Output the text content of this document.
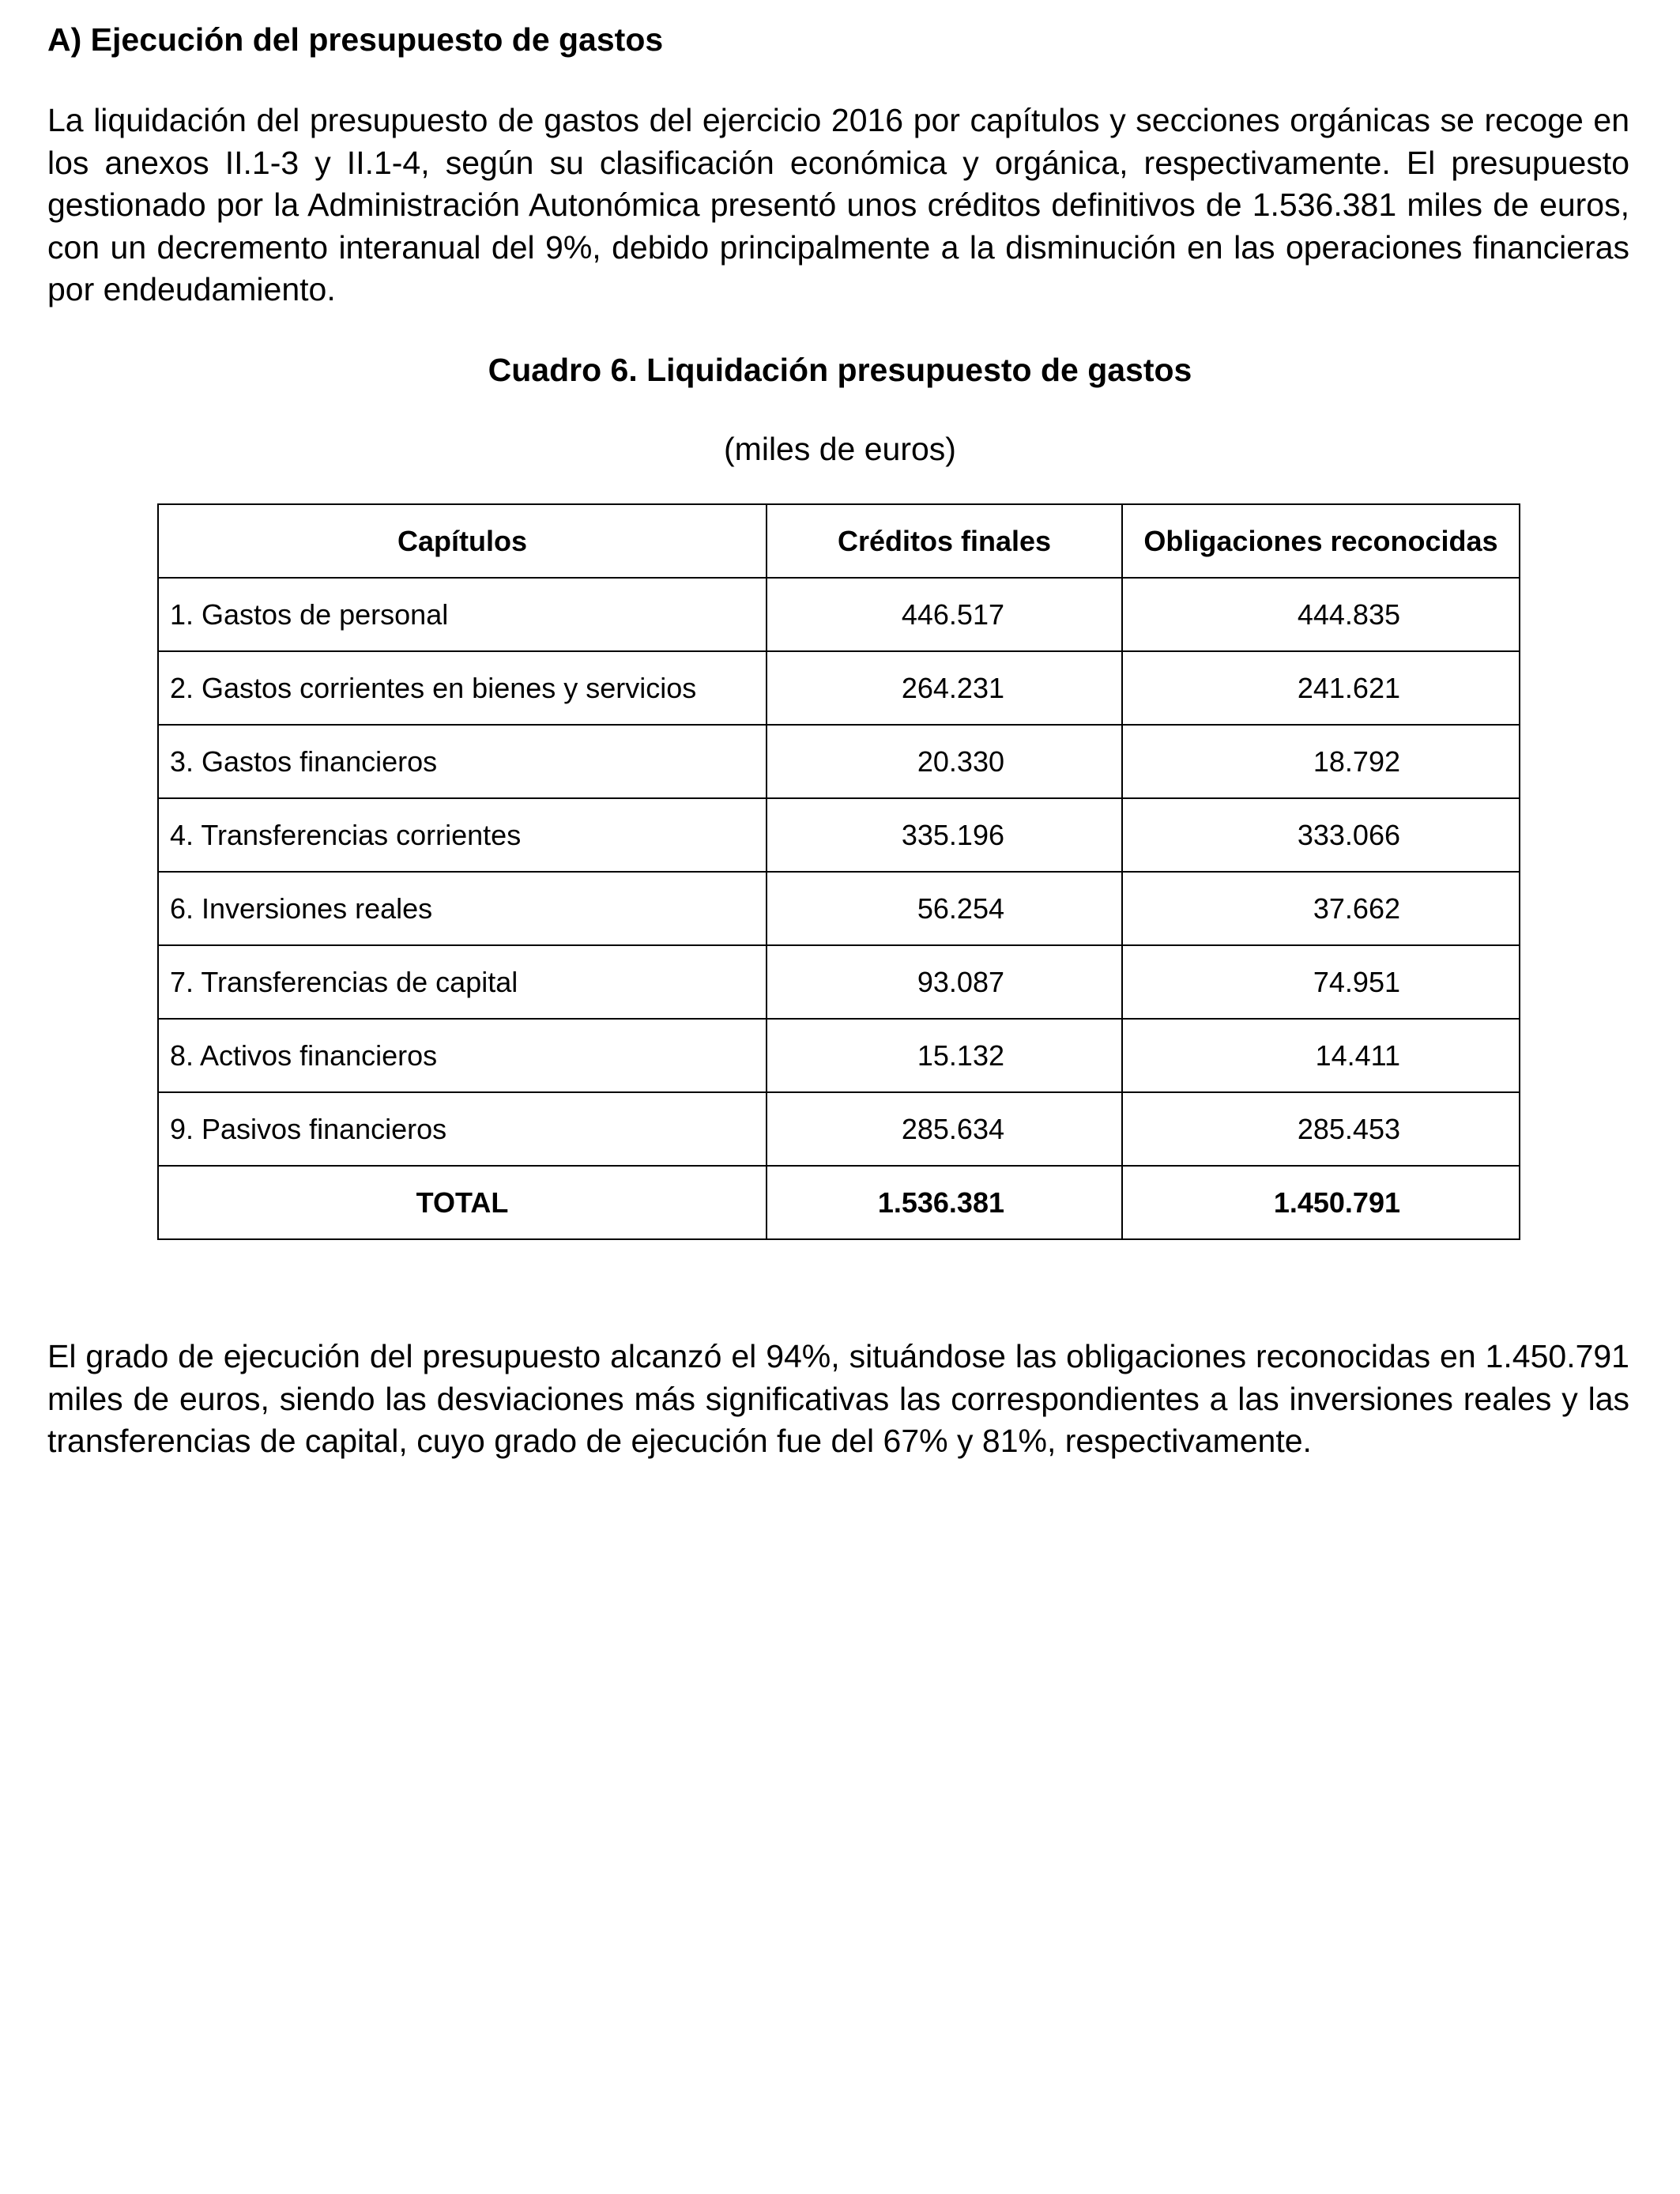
A) Ejecución del presupuesto de gastos

La liquidación del presupuesto de gastos del ejercicio 2016 por capítulos y secciones orgánicas se recoge en los anexos II.1-3 y II.1-4, según su clasificación económica y orgánica, respectivamente. El presupuesto gestionado por la Administración Autonómica presentó unos créditos definitivos de 1.536.381 miles de euros, con un decremento interanual del 9%, debido principalmente a la disminución en las operaciones financieras por endeudamiento.

Cuadro 6. Liquidación presupuesto de gastos
(miles de euros)
Capítulos	Créditos finales	Obligaciones reconocidas
1. Gastos de personal	446.517	444.835
2. Gastos corrientes en bienes y servicios	264.231	241.621
3. Gastos financieros	20.330	18.792
4. Transferencias corrientes	335.196	333.066
6. Inversiones reales	56.254	37.662
7. Transferencias de capital	93.087	74.951
8. Activos financieros	15.132	14.411
9. Pasivos financieros	285.634	285.453
TOTAL	1.536.381	1.450.791

El grado de ejecución del presupuesto alcanzó el 94%, situándose las obligaciones reconocidas en 1.450.791 miles de euros, siendo las desviaciones más significativas las correspondientes a las inversiones reales y las transferencias de capital, cuyo grado de ejecución fue del 67% y 81%, respectivamente.
